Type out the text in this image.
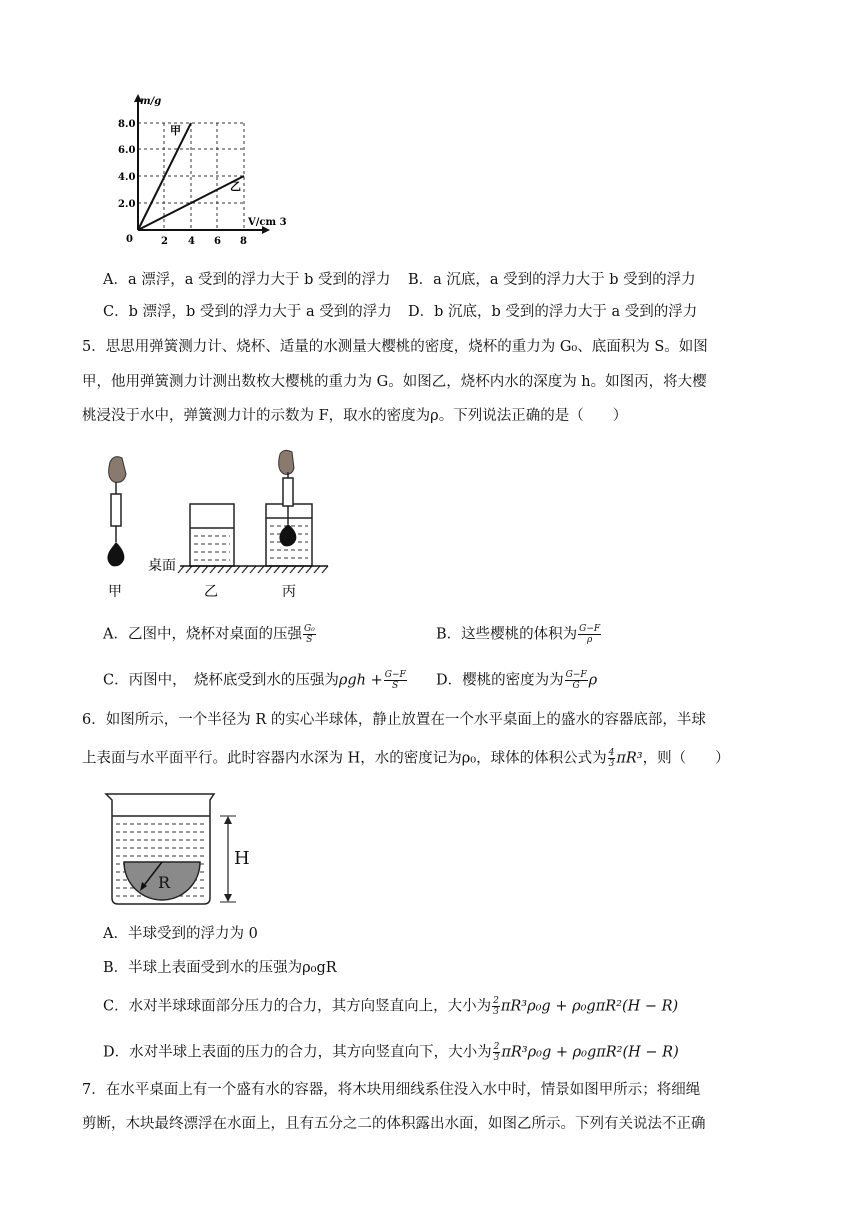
m/g
V/cm 3
8.0
6.0
4.0
2.0
2 4 6 8
0
甲
乙
A．a 漂浮，a 受到的浮力大于 b 受到的浮力 B．a 沉底，a 受到的浮力大于 b 受到的浮力
C．b 漂浮，b 受到的浮力大于 a 受到的浮力 D．b 沉底，b 受到的浮力大于 a 受到的浮力
5．思思用弹簧测力计、烧杯、适量的水测量大樱桃的密度，烧杯的重力为 G₀、底面积为 S。如图
甲，他用弹簧测力计测出数枚大樱桃的重力为 G。如图乙，烧杯内水的深度为 h。如图丙，将大樱
桃浸没于水中，弹簧测力计的示数为 F，取水的密度为ρ。下列说法正确的是（　　）
桌面
甲	乙	丙
A．乙图中，烧杯对桌面的压强 $\frac{\text{G₀}}{S}$	B．这些樱桃的体积为 $\frac{G-F}{\rho}$
C．丙图中，　烧杯底受到水的压强为$\rho gh + \frac{G-F}{S}$ D．樱桃的密度为为 $\frac{G-F}{G}$ ρ
6．如图所示，一个半径为 R 的实心半球体，静止放置在一个水平桌面上的盛水的容器底部，半球
上表面与水平面平行。此时容器内水深为 H，水的密度记为ρ₀，球体的体积公式为 $\frac{4}{3} \pi R^3$，则（　　）
R
H
A．半球受到的浮力为 0
B．半球上表面受到水的压强为ρ₀gR
C．水对半球球面部分压力的合力，其方向竖直向上，大小为 $\frac{2}{3} \pi R^3\rho_0g + \rho_0g\pi R^2(H - R)$
D．水对半球上表面的压力的合力，其方向竖直向下，大小为 $\frac{2}{3} \pi R^3\rho_0g + \rho_0g\pi R^2(H - R)$
7．在水平桌面上有一个盛有水的容器，将木块用细线系住没入水中时，情景如图甲所示；将细绳
剪断，木块最终漂浮在水面上，且有五分之二的体积露出水面，如图乙所示。下列有关说法不正确
